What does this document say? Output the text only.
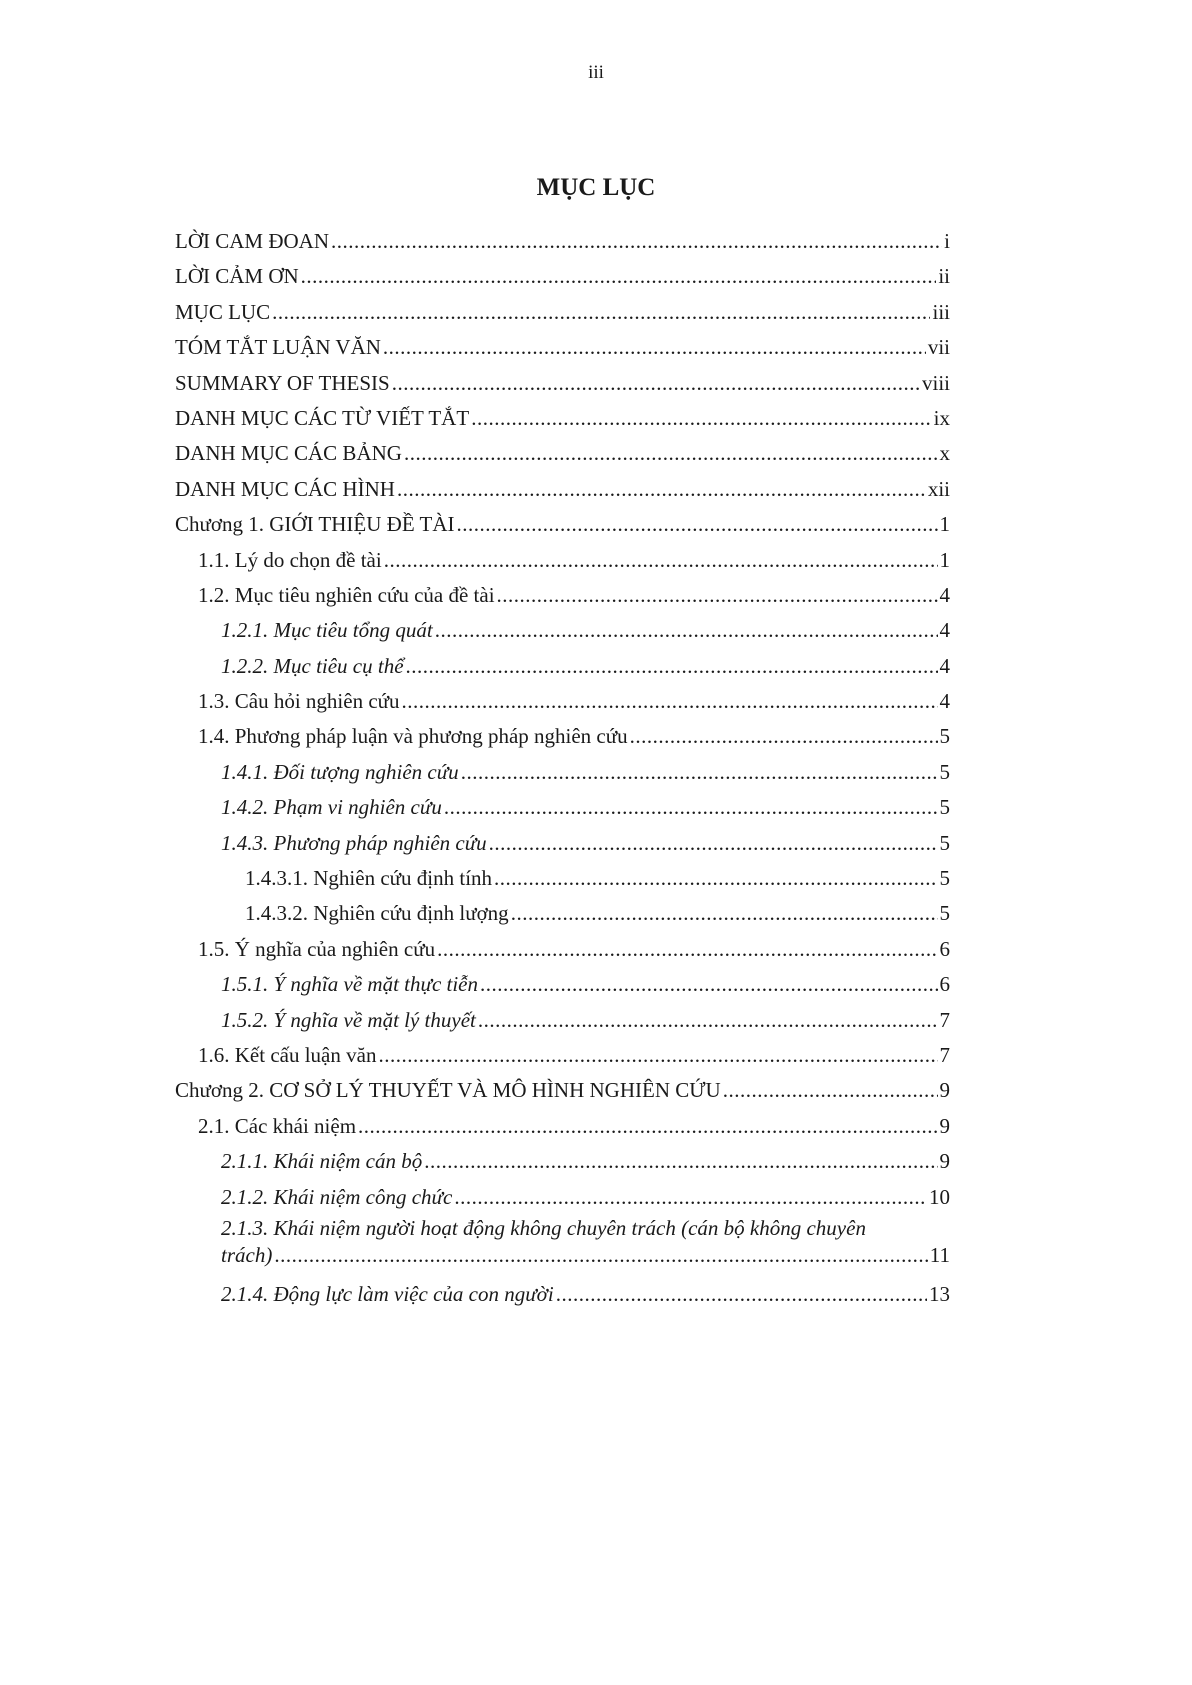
iii
MỤC LỤC
LỜI CAM ĐOAN .....	i
LỜI CẢM ƠN .....	ii
MỤC LỤC .....	iii
TÓM TẮT LUẬN VĂN .....	vii
SUMMARY OF THESIS .....	viii
DANH MỤC CÁC TỪ VIẾT TẮT .....	ix
DANH MỤC CÁC BẢNG .....	x
DANH MỤC CÁC HÌNH .....	xii
Chương 1. GIỚI THIỆU ĐỀ TÀI .....	1
1.1. Lý do chọn đề tài .....	1
1.2. Mục tiêu nghiên cứu của đề tài .....	4
1.2.1. Mục tiêu tổng quát .....	4
1.2.2. Mục tiêu cụ thể .....	4
1.3. Câu hỏi nghiên cứu .....	4
1.4. Phương pháp luận và phương pháp nghiên cứu .....	5
1.4.1. Đối tượng nghiên cứu .....	5
1.4.2. Phạm vi nghiên cứu .....	5
1.4.3. Phương pháp nghiên cứu .....	5
1.4.3.1. Nghiên cứu định tính .....	5
1.4.3.2. Nghiên cứu định lượng .....	5
1.5. Ý nghĩa của nghiên cứu .....	6
1.5.1. Ý nghĩa về mặt thực tiễn .....	6
1.5.2. Ý nghĩa về mặt lý thuyết .....	7
1.6. Kết cấu luận văn .....	7
Chương 2. CƠ SỞ LÝ THUYẾT VÀ MÔ HÌNH NGHIÊN CỨU .....	9
2.1. Các khái niệm .....	9
2.1.1. Khái niệm cán bộ .....	9
2.1.2. Khái niệm công chức .....	10
2.1.3. Khái niệm người hoạt động không chuyên trách (cán bộ không chuyên
trách) .....	11
2.1.4. Động lực làm việc của con người .....	13
